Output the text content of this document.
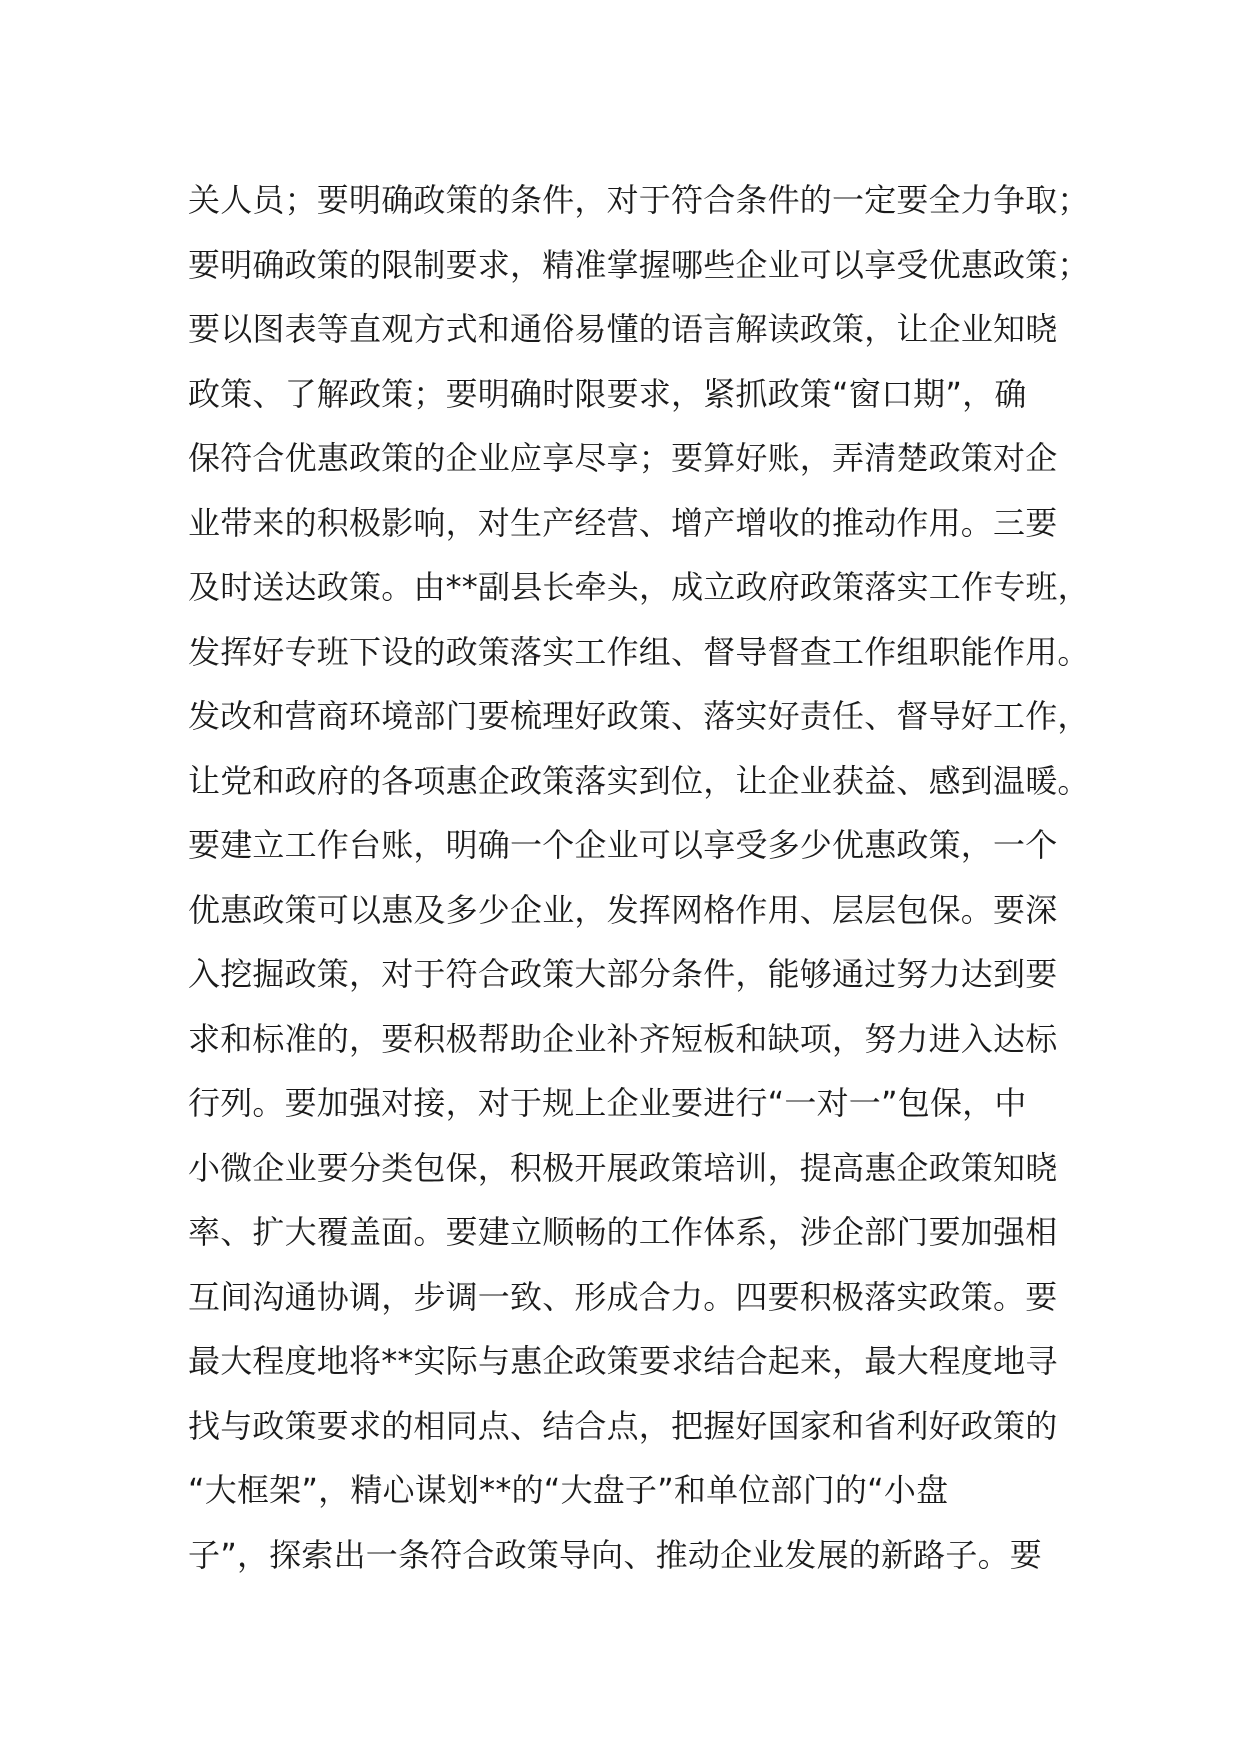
关人员；要明确政策的条件，对于符合条件的一定要全力争取；
要明确政策的限制要求，精准掌握哪些企业可以享受优惠政策；
要以图表等直观方式和通俗易懂的语言解读政策，让企业知晓
政策、了解政策；要明确时限要求，紧抓政策“窗口期”，确
保符合优惠政策的企业应享尽享；要算好账，弄清楚政策对企
业带来的积极影响，对生产经营、增产增收的推动作用。三要
及时送达政策。由**副县长牵头，成立政府政策落实工作专班，
发挥好专班下设的政策落实工作组、督导督查工作组职能作用。
发改和营商环境部门要梳理好政策、落实好责任、督导好工作，
让党和政府的各项惠企政策落实到位，让企业获益、感到温暖。
要建立工作台账，明确一个企业可以享受多少优惠政策，一个
优惠政策可以惠及多少企业，发挥网格作用、层层包保。要深
入挖掘政策，对于符合政策大部分条件，能够通过努力达到要
求和标准的，要积极帮助企业补齐短板和缺项，努力进入达标
行列。要加强对接，对于规上企业要进行“一对一”包保，中
小微企业要分类包保，积极开展政策培训，提高惠企政策知晓
率、扩大覆盖面。要建立顺畅的工作体系，涉企部门要加强相
互间沟通协调，步调一致、形成合力。四要积极落实政策。要
最大程度地将**实际与惠企政策要求结合起来，最大程度地寻
找与政策要求的相同点、结合点，把握好国家和省利好政策的
“大框架”，精心谋划**的“大盘子”和单位部门的“小盘
子”，探索出一条符合政策导向、推动企业发展的新路子。要
